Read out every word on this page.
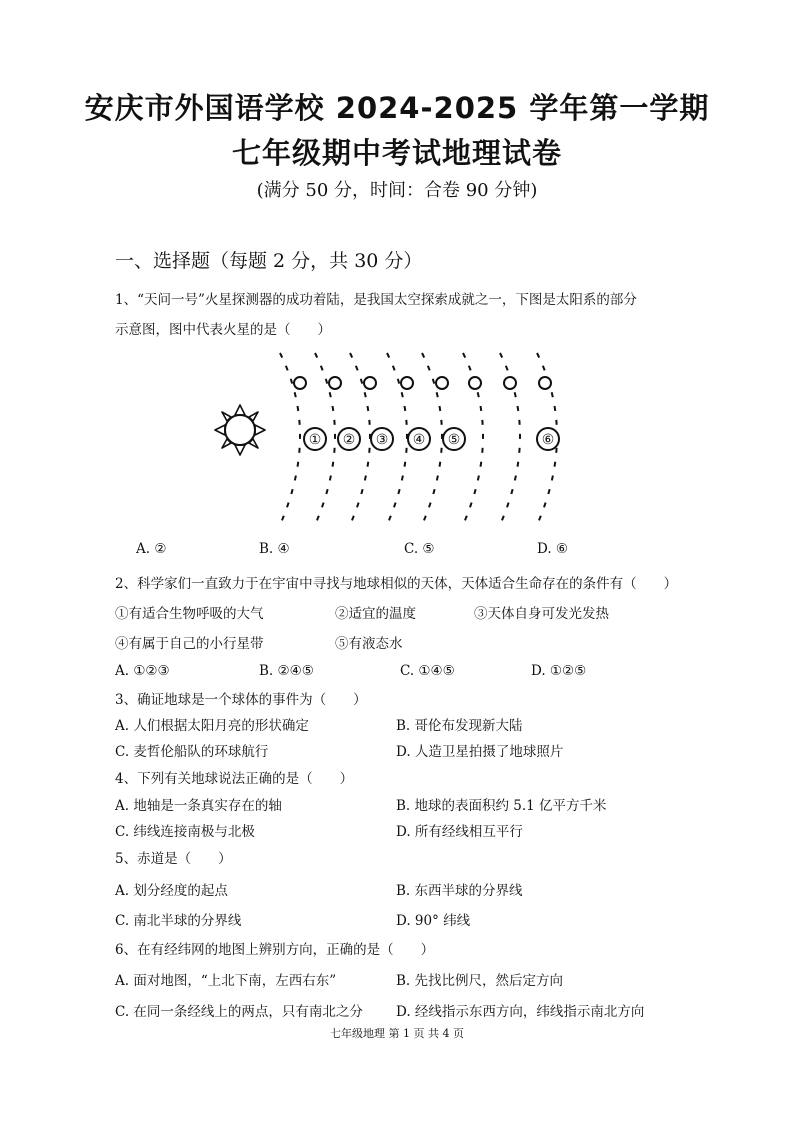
安庆市外国语学校 2024-2025 学年第一学期
七年级期中考试地理试卷
(满分 50 分，时间：合卷 90 分钟)
一、选择题（每题 2 分，共 30 分）
1、“天问一号”火星探测器的成功着陆，是我国太空探索成就之一，下图是太阳系的部分
示意图，图中代表火星的是（　　）
① ② ③ ④ ⑤	⑥
A. ②	B. ④	C. ⑤	D. ⑥
2、科学家们一直致力于在宇宙中寻找与地球相似的天体，天体适合生命存在的条件有（　　）
①有适合生物呼吸的大气	②适宜的温度	③天体自身可发光发热
④有属于自己的小行星带	⑤有液态水
A. ①②③	B. ②④⑤	C. ①④⑤	D. ①②⑤
3、确证地球是一个球体的事件为（　　）
A. 人们根据太阳月亮的形状确定	B. 哥伦布发现新大陆
C. 麦哲伦船队的环球航行	D. 人造卫星拍摄了地球照片
4、下列有关地球说法正确的是（　　）
A. 地轴是一条真实存在的轴	B. 地球的表面积约 5.1 亿平方千米
C. 纬线连接南极与北极	D. 所有经线相互平行
5、赤道是（　　）
A. 划分经度的起点	B. 东西半球的分界线
C. 南北半球的分界线	D. 90° 纬线
6、在有经纬网的地图上辨别方向，正确的是（　　）
A. 面对地图，“上北下南，左西右东”	B. 先找比例尺，然后定方向
C. 在同一条经线上的两点，只有南北之分 D. 经线指示东西方向，纬线指示南北方向
七年级地理 第 1 页 共 4 页
